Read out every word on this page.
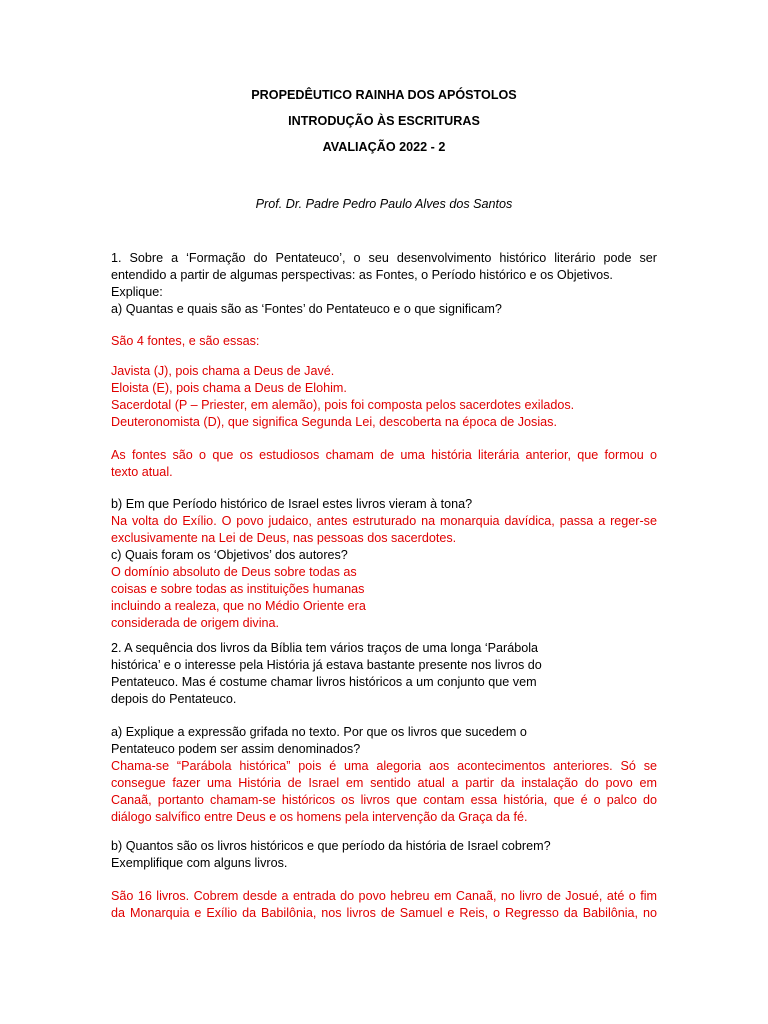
PROPEDÊUTICO RAINHA DOS APÓSTOLOS
INTRODUÇÃO ÀS ESCRITURAS
AVALIAÇÃO 2022 - 2
Prof. Dr. Padre Pedro Paulo Alves dos Santos
1. Sobre a ‘Formação do Pentateuco’, o seu desenvolvimento histórico literário pode ser
entendido a partir de algumas perspectivas: as Fontes, o Período histórico e os Objetivos.
Explique:
a) Quantas e quais são as ‘Fontes’ do Pentateuco e o que significam?
São 4 fontes, e são essas:
Javista (J), pois chama a Deus de Javé.
Eloista (E), pois chama a Deus de Elohim.
Sacerdotal (P – Priester, em alemão), pois foi composta pelos sacerdotes exilados.
Deuteronomista (D), que significa Segunda Lei, descoberta na época de Josias.
As fontes são o que os estudiosos chamam de uma história literária anterior, que formou o
texto atual.
b) Em que Período histórico de Israel estes livros vieram à tona?
Na volta do Exílio. O povo judaico, antes estruturado na monarquia davídica, passa a reger-se
exclusivamente na Lei de Deus, nas pessoas dos sacerdotes.
c) Quais foram os ‘Objetivos’ dos autores?
O domínio absoluto de Deus sobre todas as
coisas e sobre todas as instituições humanas
incluindo a realeza, que no Médio Oriente era
considerada de origem divina.
2. A sequência dos livros da Bíblia tem vários traços de uma longa ‘Parábola
histórica’ e o interesse pela História já estava bastante presente nos livros do
Pentateuco. Mas é costume chamar livros históricos a um conjunto que vem
depois do Pentateuco.
a) Explique a expressão grifada no texto. Por que os livros que sucedem o
Pentateuco podem ser assim denominados?
Chama-se “Parábola histórica” pois é uma alegoria aos acontecimentos anteriores. Só se
consegue fazer uma História de Israel em sentido atual a partir da instalação do povo em
Canaã, portanto chamam-se históricos os livros que contam essa história, que é o palco do
diálogo salvífico entre Deus e os homens pela intervenção da Graça da fé.
b) Quantos são os livros históricos e que período da história de Israel cobrem?
Exemplifique com alguns livros.
São 16 livros. Cobrem desde a entrada do povo hebreu em Canaã, no livro de Josué, até o fim
da Monarquia e Exílio da Babilônia, nos livros de Samuel e Reis, o Regresso da Babilônia, no
